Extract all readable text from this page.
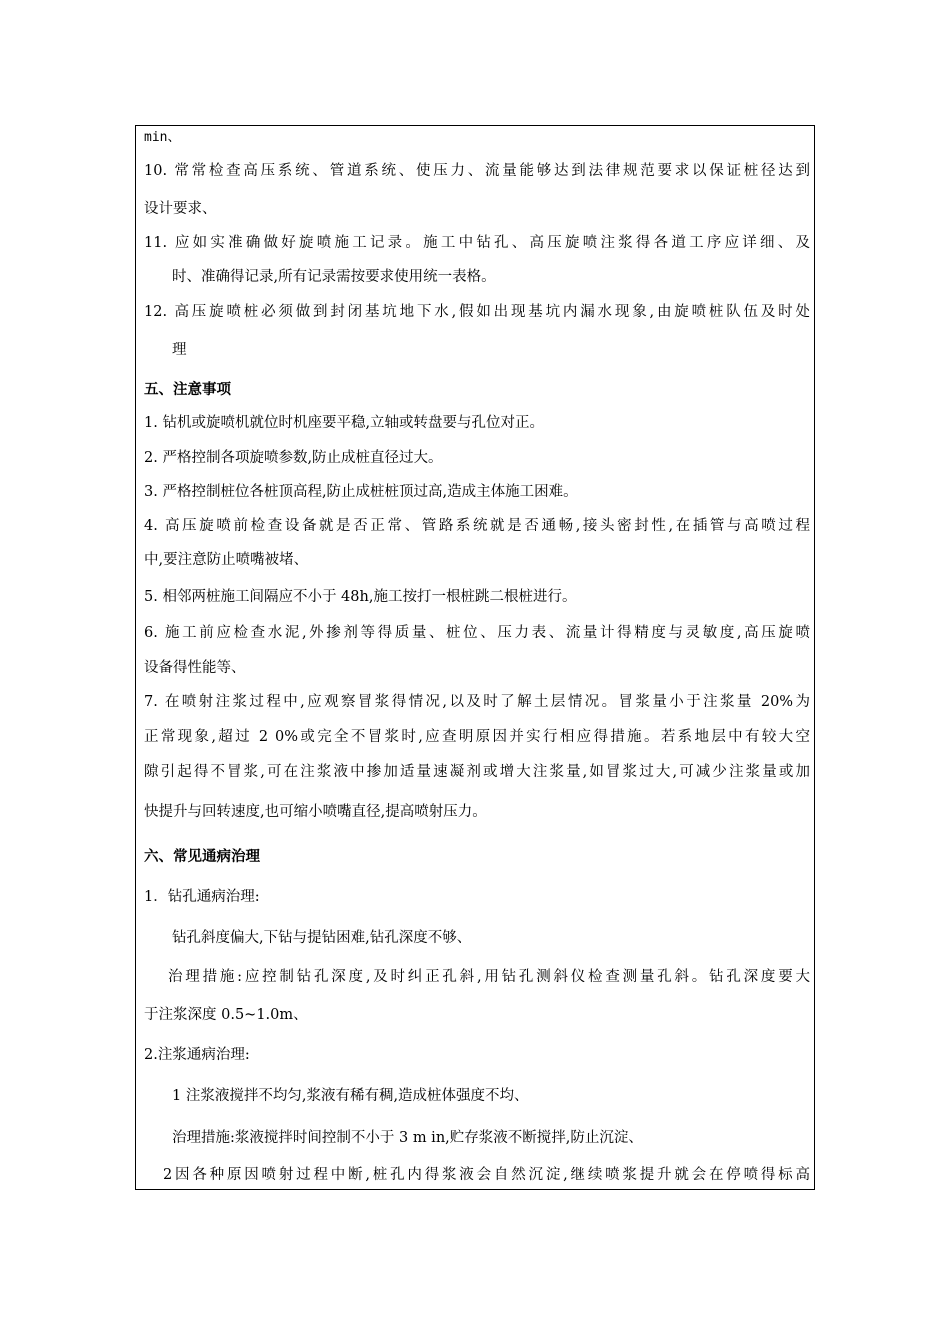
min、
10. 常常检查高压系统、管道系统、使压力、流量能够达到法律规范要求以保证桩径达到
设计要求、
11. 应如实准确做好旋喷施工记录。施工中钻孔、高压旋喷注浆得各道工序应详细、及
时、准确得记录,所有记录需按要求使用统一表格。
12. 高压旋喷桩必须做到封闭基坑地下水,假如出现基坑内漏水现象,由旋喷桩队伍及时处
理
五、注意事项
1. 钻机或旋喷机就位时机座要平稳,立轴或转盘要与孔位对正。
2. 严格控制各项旋喷参数,防止成桩直径过大。
3. 严格控制桩位各桩顶高程,防止成桩桩顶过高,造成主体施工困难。
4. 高压旋喷前检查设备就是否正常、管路系统就是否通畅,接头密封性,在插管与高喷过程
中,要注意防止喷嘴被堵、
5. 相邻两桩施工间隔应不小于 48h,施工按打一根桩跳二根桩进行。
6. 施工前应检查水泥,外掺剂等得质量、桩位、压力表、流量计得精度与灵敏度,高压旋喷
设备得性能等、
7. 在喷射注浆过程中,应观察冒浆得情况,以及时了解土层情况。冒浆量小于注浆量 20%为
正常现象,超过 2 0%或完全不冒浆时,应查明原因并实行相应得措施。若系地层中有较大空
隙引起得不冒浆,可在注浆液中掺加适量速凝剂或增大注浆量,如冒浆过大,可减少注浆量或加
快提升与回转速度,也可缩小喷嘴直径,提高喷射压力。
六、常见通病治理
1．钻孔通病治理:
钻孔斜度偏大,下钻与提钻困难,钻孔深度不够、
治理措施:应控制钻孔深度,及时纠正孔斜,用钻孔测斜仪检查测量孔斜。钻孔深度要大
于注浆深度 0.5~1.0m、
2.注浆通病治理:
1 注浆液搅拌不均匀,浆液有稀有稠,造成桩体强度不均、
治理措施:浆液搅拌时间控制不小于 3 m in,贮存浆液不断搅拌,防止沉淀、
2因各种原因喷射过程中断,桩孔内得浆液会自然沉淀,继续喷浆提升就会在停喷得标高
